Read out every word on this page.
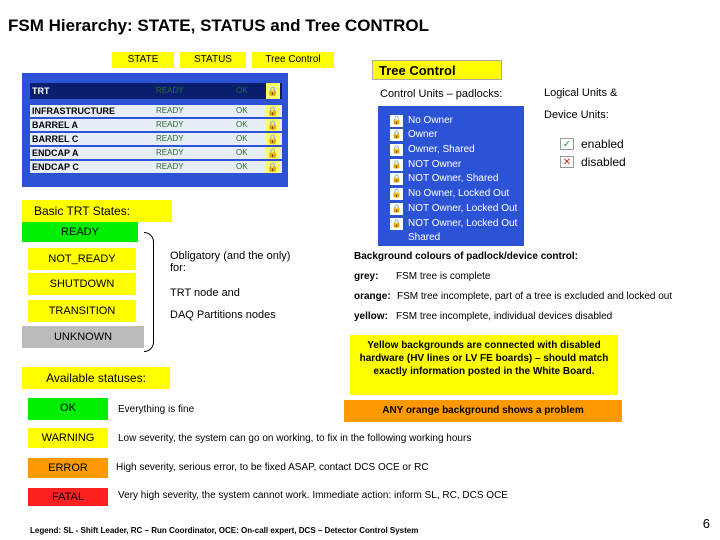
FSM Hierarchy: STATE, STATUS and Tree CONTROL
STATE	STATUS	Tree Control
TRT	READY	OK 🔒
INFRASTRUCTURE	READY	OK 🔒
BARREL A	READY	OK 🔒
BARREL C	READY	OK 🔒
ENDCAP A	READY	OK 🔒
ENDCAP C	READY	OK 🔒
Tree Control
Control Units – padlocks:
🔓 No Owner
🔒 Owner
🔒 Owner, Shared
🔒 NOT Owner
🔒 NOT Owner, Shared
🔓 No Owner, Locked Out
🔒 NOT Owner, Locked Out
🔒 NOT Owner, Locked Out
Shared
Logical Units &
Device Units:
✓ enabled
✕ disabled
Basic TRT States:
READY
NOT_READY
SHUTDOWN
TRANSITION
UNKNOWN
Obligatory (and the only) for:
TRT node and
DAQ Partitions nodes
Background colours of padlock/device control:
grey: FSM tree is complete
orange: FSM tree incomplete, part of a tree is excluded and locked out
yellow: FSM tree incomplete, individual devices disabled
Yellow backgrounds are connected with disabled hardware (HV lines or LV FE boards) – should match exactly information posted in the White Board.
ANY orange background shows a problem
Available statuses:
OK	Everything is fine
WARNING	Low severity, the system can go on working, to fix in the following working hours
ERROR	High severity, serious error, to be fixed ASAP, contact DCS OCE or RC
FATAL	Very high severity, the system cannot work. Immediate action: inform SL, RC, DCS OCE
Legend: SL - Shift Leader, RC – Run Coordinator, OCE: On-call expert, DCS – Detector Control System	6
